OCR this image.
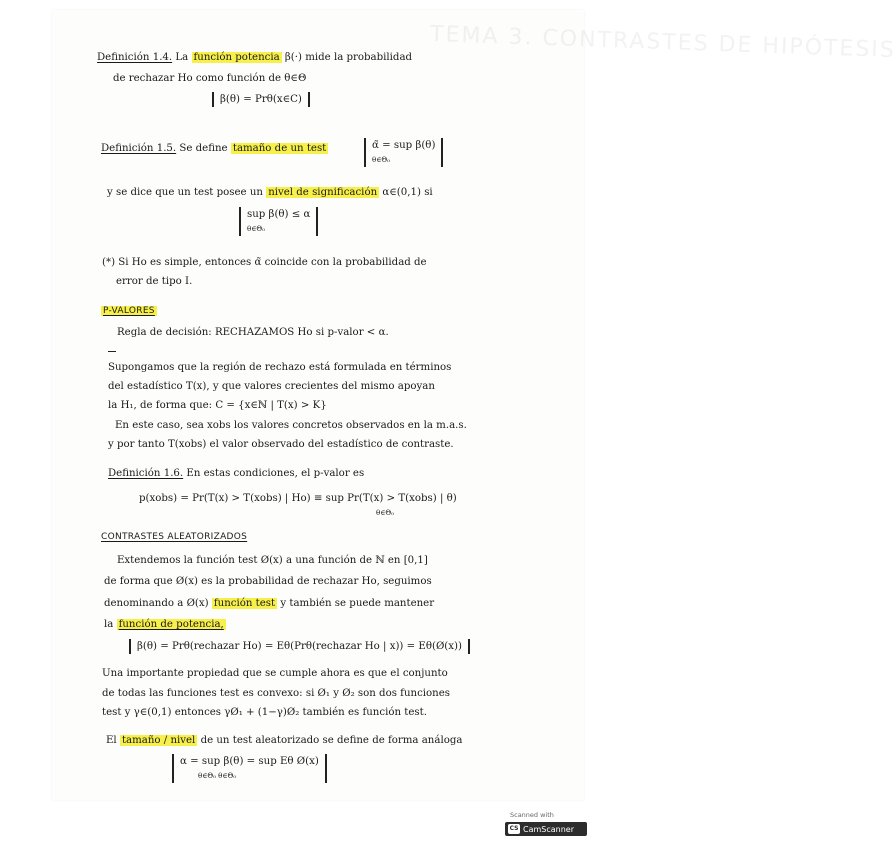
TEMA 3. CONTRASTES DE HIPÓTESIS
Definición 1.4. La función potencia β(·) mide la probabilidad
de rechazar Ho como función de θ∈Θ
β(θ) = Prθ(x∈C)
Definición 1.5. Se define tamaño de un test	α̃ = sup β(θ)
$_{\theta\in\Theta_0}$
y se dice que un test posee un nivel de significación α∈(0,1) si
sup β(θ) ≤ α
$_{\theta\in\Theta_0}$
(*) Si Ho es simple, entonces α̃ coincide con la probabilidad de
error de tipo I.
P-VALORES
Regla de decisión: RECHAZAMOS Ho si p-valor < α.
Supongamos que la región de rechazo está formulada en términos
del estadístico T(x), y que valores crecientes del mismo apoyan
la H₁, de forma que: C = {x∈ℕ | T(x) > K}
En este caso, sea xobs los valores concretos observados en la m.a.s.
y por tanto T(xobs) el valor observado del estadístico de contraste.
Definición 1.6. En estas condiciones, el p-valor es
p(xobs) = Pr(T(x) > T(xobs) | Ho) ≡ sup Pr(T(x) > T(xobs) | θ)
$_{\theta\in\Theta_0}$
CONTRASTES ALEATORIZADOS
Extendemos la función test Ø(x) a una función de ℕ en [0,1]
de forma que Ø(x) es la probabilidad de rechazar Ho, seguimos
denominando a Ø(x) función test y también se puede mantener
la función de potencia,
β(θ) = Prθ(rechazar Ho) = Eθ(Prθ(rechazar Ho | x)) = Eθ(Ø(x))
Una importante propiedad que se cumple ahora es que el conjunto
de todas las funciones test es convexo: si Ø₁ y Ø₂ son dos funciones
test y γ∈(0,1) entonces γØ₁ + (1−γ)Ø₂ también es función test.
El tamaño / nivel de un test aleatorizado se define de forma análoga
α = sup β(θ) = sup Eθ Ø(x)
$_{\theta\in\Theta_0 \theta\in\Theta_0}$
Scanned with
CS CamScanner
